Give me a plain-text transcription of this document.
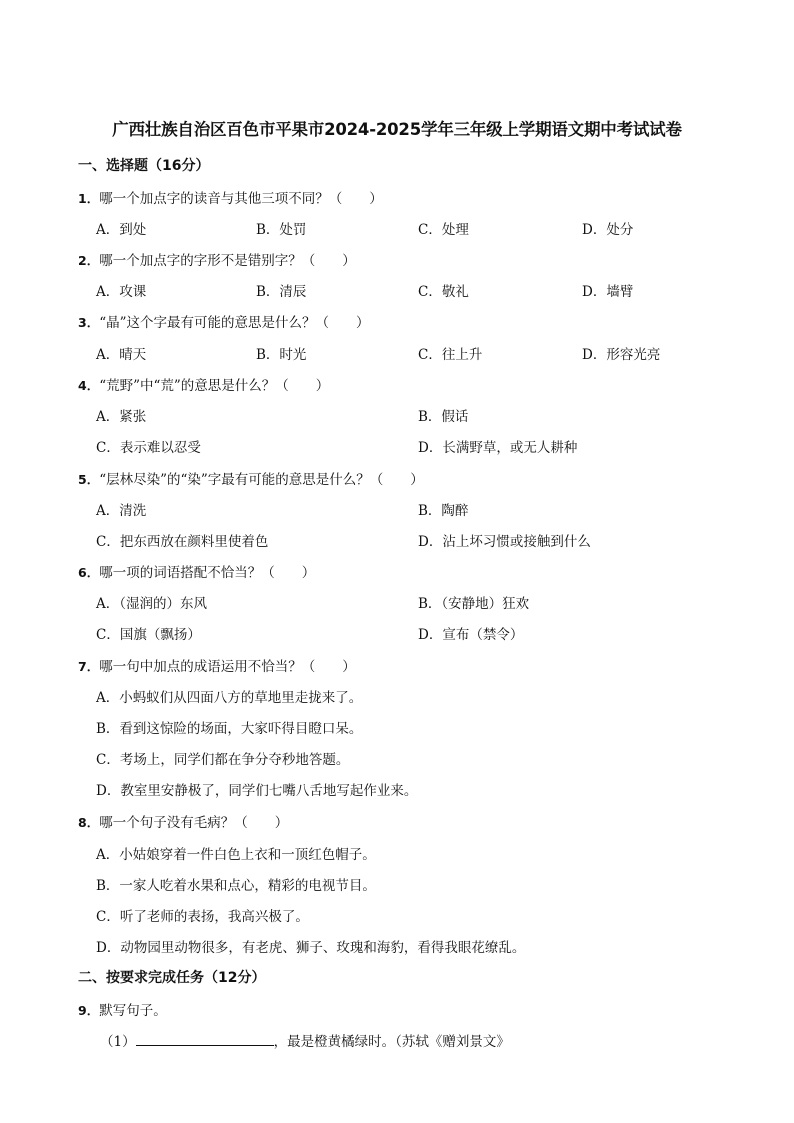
广西壮族自治区百色市平果市2024-2025学年三年级上学期语文期中考试试卷
一、选择题（16分）
1．哪一个加点字的读音与其他三项不同？（　　）
A．到处	B．处罚	C．处理	D．处分
2．哪一个加点字的字形不是错别字？（　　）
A．攻课	B．清辰	C．敬礼	D．墙臂
3．“晶”这个字最有可能的意思是什么？（　　）
A．晴天	B．时光	C．往上升	D．形容光亮
4．“荒野”中“荒”的意思是什么？（　　）
A．紧张	B．假话
C．表示难以忍受	D．长满野草，或无人耕种
5．“层林尽染”的“染”字最有可能的意思是什么？（　　）
A．清洗	B．陶醉
C．把东西放在颜料里使着色	D．沾上坏习惯或接触到什么
6．哪一项的词语搭配不恰当？（　　）
A．（湿润的）东风	B．（安静地）狂欢
C．国旗（飘扬）	D．宣布（禁令）
7．哪一句中加点的成语运用不恰当？（　　）
A．小蚂蚁们从四面八方的草地里走拢来了。
B．看到这惊险的场面，大家吓得目瞪口呆。
C．考场上，同学们都在争分夺秒地答题。
D．教室里安静极了，同学们七嘴八舌地写起作业来。
8．哪一个句子没有毛病？（　　）
A．小姑娘穿着一件白色上衣和一顶红色帽子。
B．一家人吃着水果和点心，精彩的电视节目。
C．听了老师的表扬，我高兴极了。
D．动物园里动物很多，有老虎、狮子、玫瑰和海豹，看得我眼花缭乱。
二、按要求完成任务（12分）
9．默写句子。
（1）	，最是橙黄橘绿时。（苏轼《赠刘景文》
